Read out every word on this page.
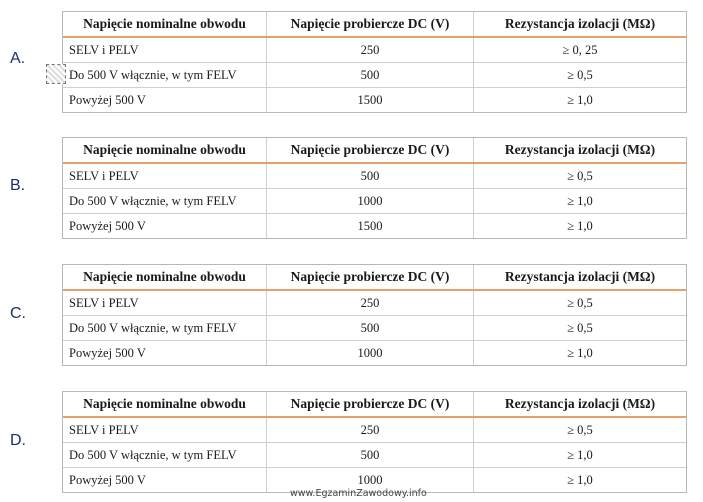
A.
Napięcie nominalne obwodu	Napięcie probiercze DC (V)	Rezystancja izolacji (MΩ)
SELV i PELV	250	≥ 0, 25
Do 500 V włącznie, w tym FELV	500	≥ 0,5
Powyżej 500 V	1500	≥ 1,0
B.
Napięcie nominalne obwodu	Napięcie probiercze DC (V)	Rezystancja izolacji (MΩ)
SELV i PELV	500	≥ 0,5
Do 500 V włącznie, w tym FELV	1000	≥ 1,0
Powyżej 500 V	1500	≥ 1,0
C.
Napięcie nominalne obwodu	Napięcie probiercze DC (V)	Rezystancja izolacji (MΩ)
SELV i PELV	250	≥ 0,5
Do 500 V włącznie, w tym FELV	500	≥ 0,5
Powyżej 500 V	1000	≥ 1,0
D.
Napięcie nominalne obwodu	Napięcie probiercze DC (V)	Rezystancja izolacji (MΩ)
SELV i PELV	250	≥ 0,5
Do 500 V włącznie, w tym FELV	500	≥ 1,0
Powyżej 500 V	1000	≥ 1,0
www.EgzaminZawodowy.info
